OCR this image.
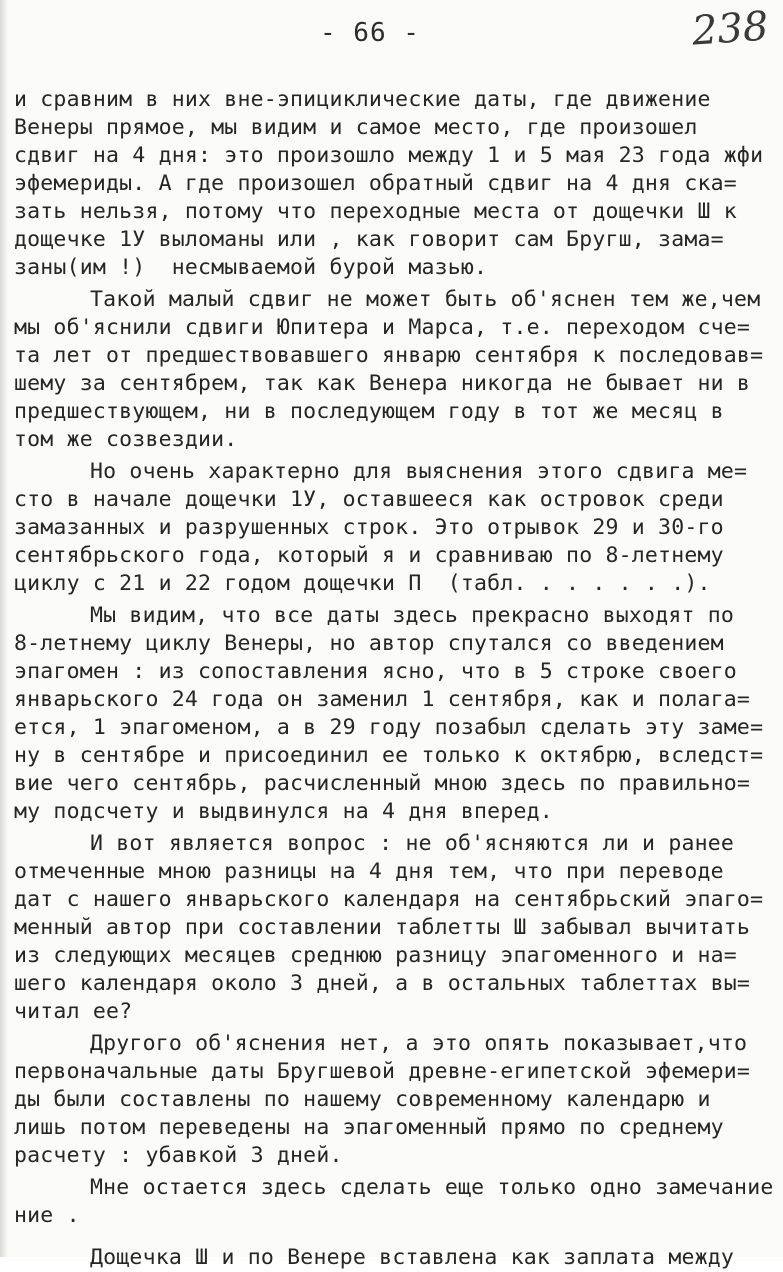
- 66 -	238
и сравним в них вне-эпициклические даты, где движение
Венеры прямое, мы видим и самое место, где произошел
сдвиг на 4 дня: это произошло между 1 и 5 мая 23 года жфи
эфемериды. А где произошел обратный сдвиг на 4 дня ска=
зать нельзя, потому что переходные места от дощечки Ш к
дощечке 1У выломаны или , как говорит сам Бругш, зама=
заны(им !)  несмываемой бурой мазью.
Такой малый сдвиг не может быть об'яснен тем же,чем
мы об'яснили сдвиги Юпитера и Марса, т.е. переходом сче=
та лет от предшествовавшего январю сентября к последовав=
шему за сентябрем, так как Венера никогда не бывает ни в
предшествующем, ни в последующем году в тот же месяц в
том же созвездии.
Но очень характерно для выяснения этого сдвига ме=
сто в начале дощечки 1У, оставшееся как островок среди
замазанных и разрушенных строк. Это отрывок 29 и 30-го
сентябрьского года, который я и сравниваю по 8-летнему
циклу с 21 и 22 годом дощечки П  (табл. . . . . . .).
Мы видим, что все даты здесь прекрасно выходят по
8-летнему циклу Венеры, но автор спутался со введением
эпагомен : из сопоставления ясно, что в 5 строке своего
январьского 24 года он заменил 1 сентября, как и полага=
ется, 1 эпагоменом, а в 29 году позабыл сделать эту заме=
ну в сентябре и присоединил ее только к октябрю, вследст=
вие чего сентябрь, расчисленный мною здесь по правильно=
му подсчету и выдвинулся на 4 дня вперед.
И вот является вопрос : не об'ясняются ли и ранее
отмеченные мною разницы на 4 дня тем, что при переводе
дат с нашего январьского календаря на сентябрьский эпаго=
менный автор при составлении таблетты Ш забывал вычитать
из следующих месяцев среднюю разницу эпагоменного и на=
шего календаря около 3 дней, а в остальных таблеттах вы=
читал ее?
Другого об'яснения нет, а это опять показывает,что
первоначальные даты Бругшевой древне-египетской эфемери=
ды были составлены по нашему современному календарю и
лишь потом переведены на эпагоменный прямо по среднему
расчету : убавкой 3 дней.
Мне остается здесь сделать еще только одно замечание
ние .
Дощечка Ш и по Венере вставлена как заплата между
